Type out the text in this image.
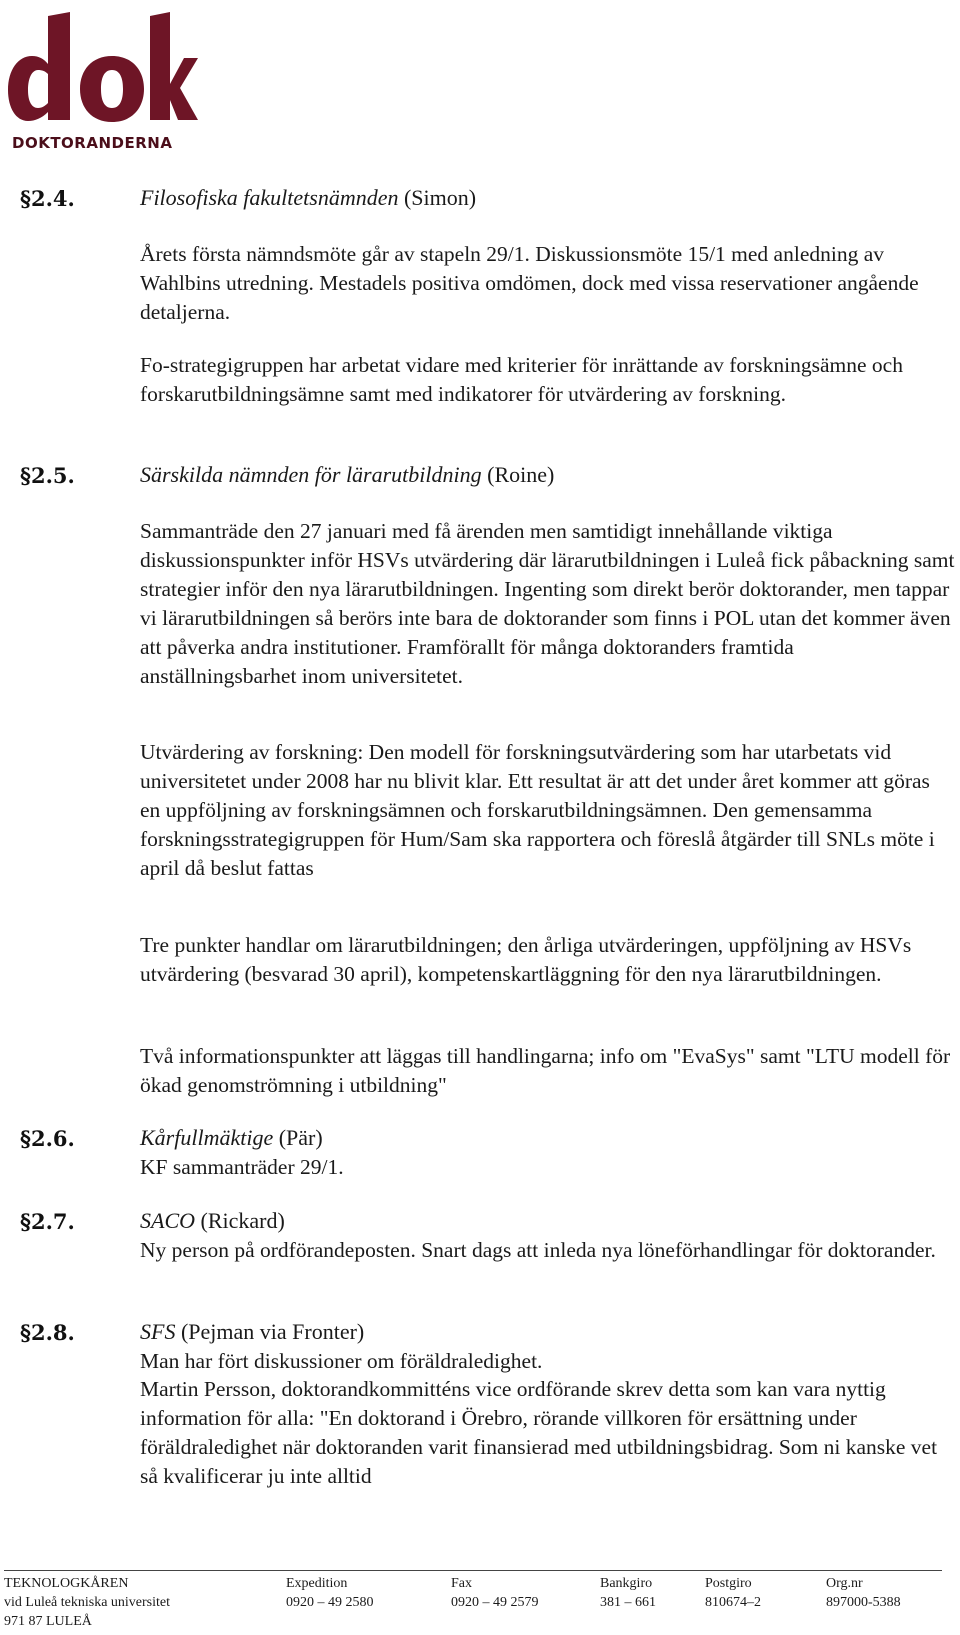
DOKTORANDERNA
§2.4.	Filosofiska fakultetsnämnden (Simon)
Årets första nämndsmöte går av stapeln 29/1. Diskussionsmöte 15/1 med anledning av Wahlbins utredning. Mestadels positiva omdömen, dock med vissa reservationer angående detaljerna.
Fo-strategigruppen har arbetat vidare med kriterier för inrättande av forskningsämne och forskarutbildningsämne samt med indikatorer för utvärdering av forskning.
§2.5.	Särskilda nämnden för lärarutbildning (Roine)
Sammanträde den 27 januari med få ärenden men samtidigt innehållande viktiga diskussionspunkter inför HSVs utvärdering där lärarutbildningen i Luleå fick påbackning samt strategier inför den nya lärarutbildningen. Ingenting som direkt berör doktorander, men tappar vi lärarutbildningen så berörs inte bara de doktorander som finns i POL utan det kommer även att påverka andra institutioner. Framförallt för många doktoranders framtida anställningsbarhet inom universitetet.
Utvärdering av forskning: Den modell för forskningsutvärdering som har utarbetats vid universitetet under 2008 har nu blivit klar. Ett resultat är att det under året kommer att göras en uppföljning av forskningsämnen och forskarutbildningsämnen. Den gemensamma forskningsstrategigruppen för Hum/Sam ska rapportera och föreslå åtgärder till SNLs möte i april då beslut fattas
Tre punkter handlar om lärarutbildningen; den årliga utvärderingen, uppföljning av HSVs utvärdering (besvarad 30 april), kompetenskartläggning för den nya lärarutbildningen.
Två informationspunkter att läggas till handlingarna; info om "EvaSys" samt "LTU modell för ökad genomströmning i utbildning"
§2.6.	Kårfullmäktige (Pär)
KF sammanträder 29/1.
§2.7.	SACO (Rickard)
Ny person på ordförandeposten. Snart dags att inleda nya löneförhandlingar för doktorander.
§2.8.	SFS (Pejman via Fronter)
Man har fört diskussioner om föräldraledighet.
Martin Persson, doktorandkommitténs vice ordförande skrev detta som kan vara nyttig information för alla: "En doktorand i Örebro, rörande villkoren för ersättning under föräldraledighet när doktoranden varit finansierad med utbildningsbidrag. Som ni kanske vet så kvalificerar ju inte alltid
TEKNOLOGKÅREN
vid Luleå tekniska universitet
971 87 LULEÅ
Expedition
0920 – 49 2580
Fax
0920 – 49 2579
Bankgiro
381 – 661
Postgiro
810674–2
Org.nr
897000-5388
